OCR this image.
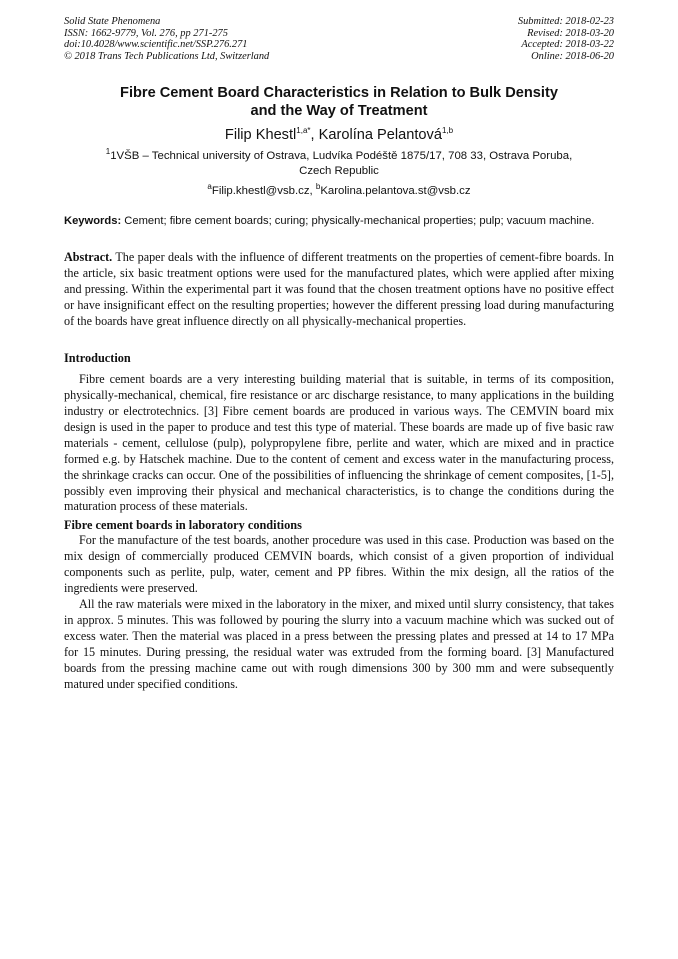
Solid State Phenomena
ISSN: 1662-9779, Vol. 276, pp 271-275
doi:10.4028/www.scientific.net/SSP.276.271
© 2018 Trans Tech Publications Ltd, Switzerland
Submitted: 2018-02-23
Revised: 2018-03-20
Accepted: 2018-03-22
Online: 2018-06-20
Fibre Cement Board Characteristics in Relation to Bulk Density
and the Way of Treatment
Filip Khestl$^{1,a*}$, Karolína Pelantová$^{1,b}$
$^1$1VŠB – Technical university of Ostrava, Ludvíka Podéště 1875/17, 708 33, Ostrava Poruba,
Czech Republic
$^a$Filip.khestl@vsb.cz, $^b$Karolina.pelantova.st@vsb.cz
Keywords: Cement; fibre cement boards; curing; physically-mechanical properties; pulp; vacuum machine.
Abstract. The paper deals with the influence of different treatments on the properties of cement-fibre boards. In the article, six basic treatment options were used for the manufactured plates, which were applied after mixing and pressing. Within the experimental part it was found that the chosen treatment options have no positive effect or have insignificant effect on the resulting properties; however the different pressing load during manufacturing of the boards have great influence directly on all physically-mechanical properties.
Introduction
Fibre cement boards are a very interesting building material that is suitable, in terms of its composition, physically-mechanical, chemical, fire resistance or arc discharge resistance, to many applications in the building industry or electrotechnics. [3] Fibre cement boards are produced in various ways. The CEMVIN board mix design is used in the paper to produce and test this type of material. These boards are made up of five basic raw materials - cement, cellulose (pulp), polypropylene fibre, perlite and water, which are mixed and in practice formed e.g. by Hatschek machine. Due to the content of cement and excess water in the manufacturing process, the shrinkage cracks can occur. One of the possibilities of influencing the shrinkage of cement composites, [1-5], possibly even improving their physical and mechanical characteristics, is to change the conditions during the maturation process of these materials.
Fibre cement boards in laboratory conditions
For the manufacture of the test boards, another procedure was used in this case. Production was based on the mix design of commercially produced CEMVIN boards, which consist of a given proportion of individual components such as perlite, pulp, water, cement and PP fibres. Within the mix design, all the ratios of the ingredients were preserved.
All the raw materials were mixed in the laboratory in the mixer, and mixed until slurry consistency, that takes in approx. 5 minutes. This was followed by pouring the slurry into a vacuum machine which was sucked out of excess water. Then the material was placed in a press between the pressing plates and pressed at 14 to 17 MPa for 15 minutes. During pressing, the residual water was extruded from the forming board. [3] Manufactured boards from the pressing machine came out with rough dimensions 300 by 300 mm and were subsequently matured under specified conditions.
